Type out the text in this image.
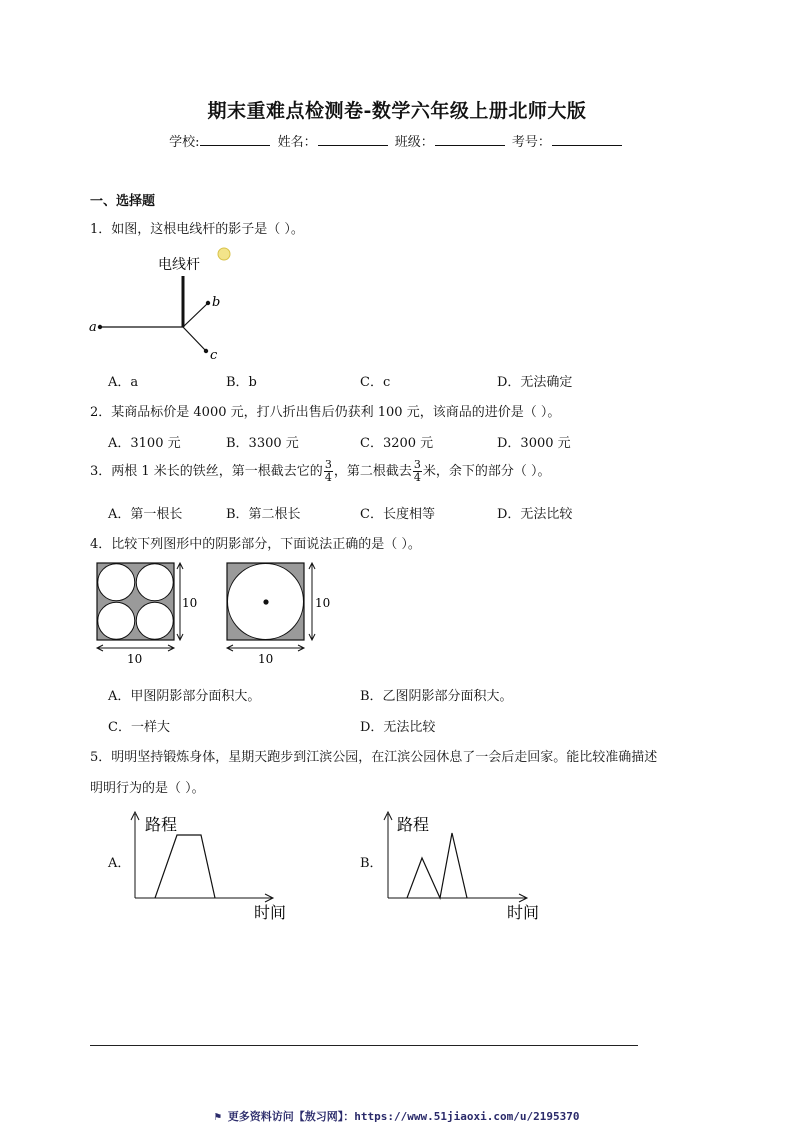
期末重难点检测卷-数学六年级上册北师大版
学校:	姓名：	班级：	考号：
一、选择题
1．如图，这根电线杆的影子是（ ）。
电线杆
a
b
c
A．a	B．b	C．c	D．无法确定
2．某商品标价是 4000 元，打八折出售后仍获利 100 元，该商品的进价是（ ）。
A．3100 元	B．3300 元	C．3200 元	D．3000 元
3．两根 1 米长的铁丝，第一根截去它的 $\frac{3}{4}$ ，第二根截去 $\frac{3}{4}$ 米，余下的部分（ ）。
A．第一根长	B．第二根长	C．长度相等	D．无法比较
4．比较下列图形中的阴影部分，下面说法正确的是（ ）。
10
10
10
10
A．甲图阴影部分面积大。	B．乙图阴影部分面积大。
C．一样大	D．无法比较
5．明明坚持锻炼身体，星期天跑步到江滨公园，在江滨公园休息了一会后走回家。能比较准确描述
明明行为的是（ ）。
A．
路程
时间
B．
路程
时间
⚑ 更多资料访问【敖习网】：https://www.51jiaoxi.com/u/2195370
